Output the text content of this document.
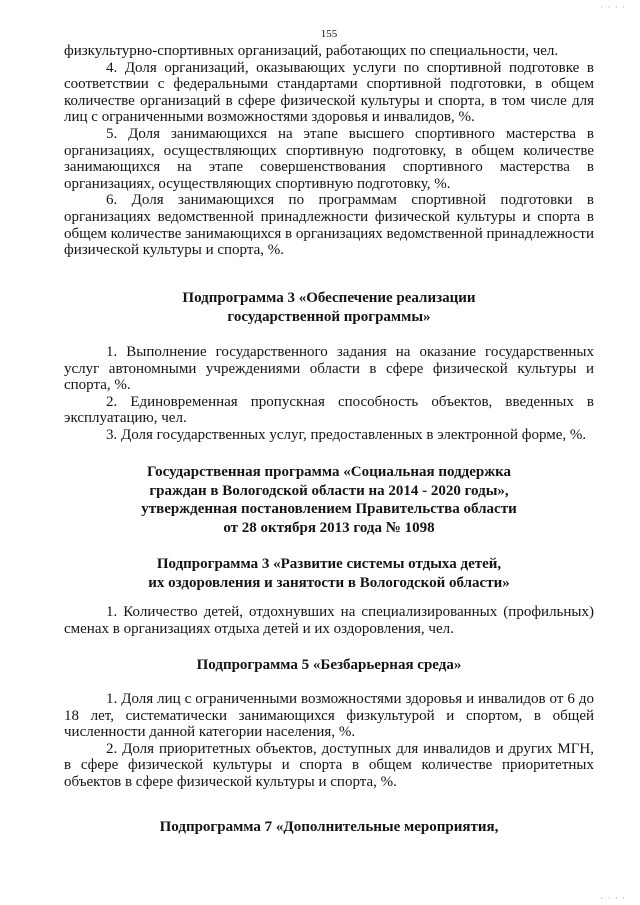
155

физкультурно-спортивных организаций, работающих по специальности, чел.

4. Доля организаций, оказывающих услуги по спортивной подготовке в соответствии с федеральными стандартами спортивной подготовки, в общем количестве организаций в сфере физической культуры и спорта, в том числе для лиц с ограниченными возможностями здоровья и инвалидов, %.

5. Доля занимающихся на этапе высшего спортивного мастерства в организациях, осуществляющих спортивную подготовку, в общем количестве занимающихся на этапе совершенствования спортивного мастерства в организациях, осуществляющих спортивную подготовку, %.

6. Доля занимающихся по программам спортивной подготовки в организациях ведомственной принадлежности физической культуры и спорта в общем количестве занимающихся в организациях ведомственной принадлежности физической культуры и спорта, %.

Подпрограмма 3 «Обеспечение реализации
государственной программы»

1. Выполнение государственного задания на оказание государственных услуг автономными учреждениями области в сфере физической культуры и спорта, %.

2. Единовременная пропускная способность объектов, введенных в эксплуатацию, чел.

3. Доля государственных услуг, предоставленных в электронной форме, %.

Государственная программа «Социальная поддержка
граждан в Вологодской области на 2014 - 2020 годы»,
утвержденная постановлением Правительства области
от 28 октября 2013 года № 1098
Подпрограмма 3 «Развитие системы отдыха детей,
их оздоровления и занятости в Вологодской области»

1. Количество детей, отдохнувших на специализированных (профильных) сменах в организациях отдыха детей и их оздоровления, чел.

Подпрограмма 5 «Безбарьерная среда»

1. Доля лиц с ограниченными возможностями здоровья и инвалидов от 6 до 18 лет, систематически занимающихся физкультурой и спортом, в общей численности данной категории населения, %.

2. Доля приоритетных объектов, доступных для инвалидов и других МГН, в сфере физической культуры и спорта в общем количестве приоритетных объектов в сфере физической культуры и спорта, %.

Подпрограмма 7 «Дополнительные мероприятия,
· · · ·
· · · ·
